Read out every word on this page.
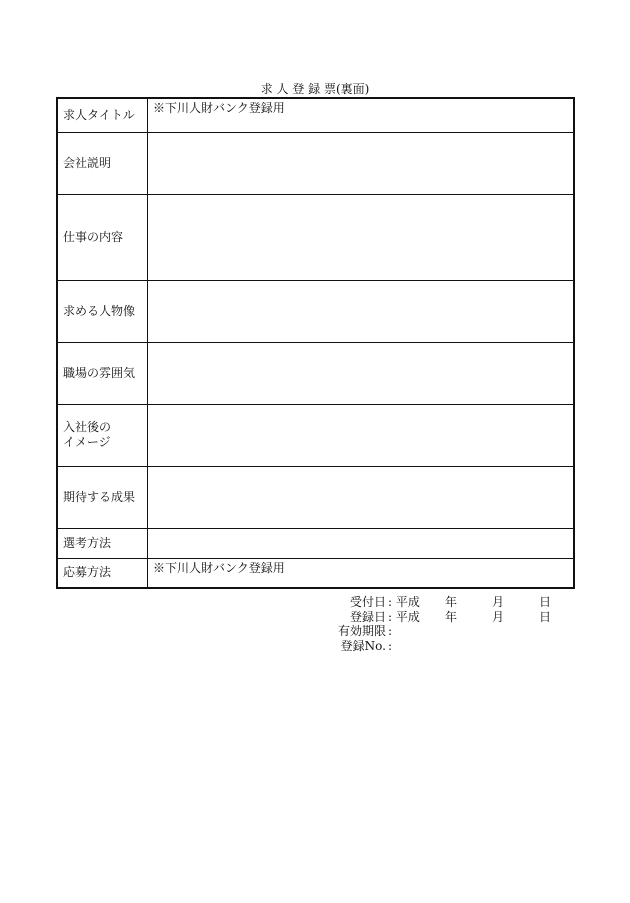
求 人 登 録 票(裏面)
求人タイトル	※下川人財バンク登録用
会社説明	
仕事の内容	
求める人物像	
職場の雰囲気	
入社後の
イメージ	
期待する成果	
選考方法	
応募方法	※下川人財バンク登録用
受付日 : 平成 年	月	日
登録日 : 平成 年	月	日
有効期限 :
登録No. :
